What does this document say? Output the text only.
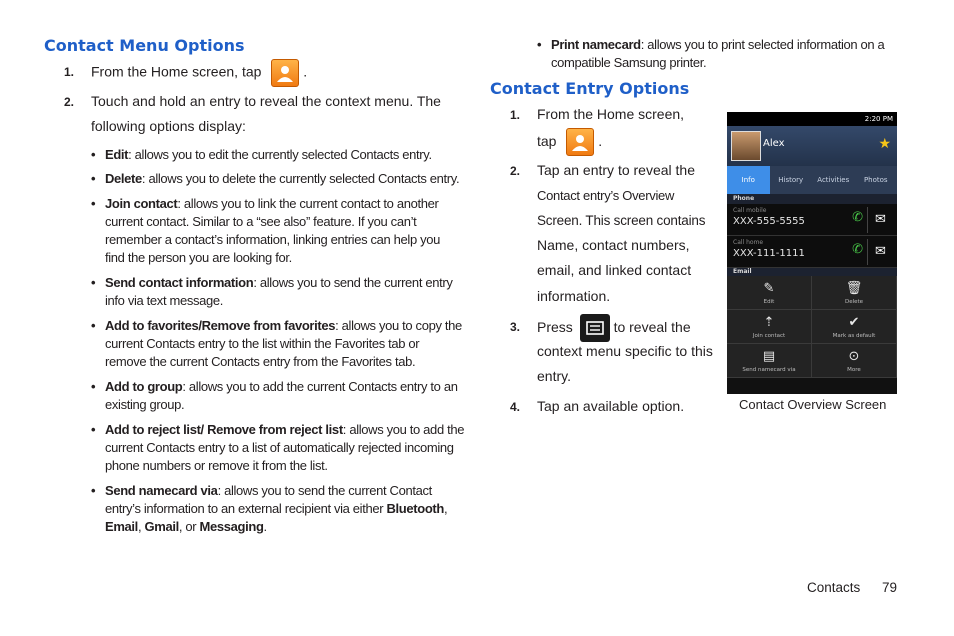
Contact Menu Options
1. From the Home screen, tap	.
2. Touch and hold an entry to reveal the context menu. The
following options display:
• Edit: allows you to edit the currently selected Contacts entry.
• Delete: allows you to delete the currently selected Contacts entry.
• Join contact: allows you to link the current contact to another
current contact. Similar to a “see also” feature. If you can’t
remember a contact’s information, linking entries can help you
find the person you are looking for.
• Send contact information: allows you to send the current entry
info via text message.
• Add to favorites/Remove from favorites: allows you to copy the
current Contacts entry to the list within the Favorites tab or
remove the current Contacts entry from the Favorites tab.
• Add to group: allows you to add the current Contacts entry to an
existing group.
• Add to reject list/ Remove from reject list: allows you to add the
current Contacts entry to a list of automatically rejected incoming
phone numbers or remove it from the list.
• Send namecard via: allows you to send the current Contact
entry’s information to an external recipient via either Bluetooth,
Email, Gmail, or Messaging.
• Print namecard: allows you to print selected information on a
compatible Samsung printer.
Contact Entry Options
1. From the Home screen,
tap	.
2. Tap an entry to reveal the
Contact entry’s Overview
Screen. This screen contains
Name, contact numbers,
email, and linked contact
information.
3. Press	to reveal the
context menu specific to this
entry.
4. Tap an available option.
2:20 PM
Alex	★
Info	History	Activities	Photos
Phone
Call mobile
XXX-555-5555	✆ ✉
Call home
XXX-111-1111	✆ ✉
Email
✎
Edit
🗑
Delete
⇡
Join contact
✔
Mark as default
▤
Send namecard via
⊙
More
Contact Overview Screen
Contacts 79
